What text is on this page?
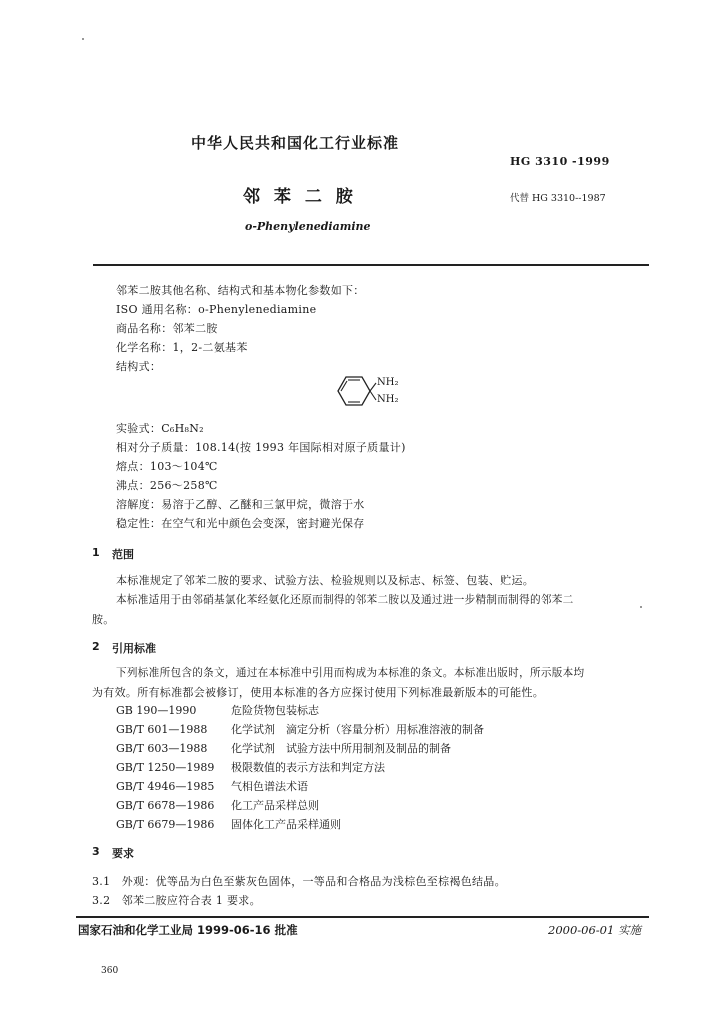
中华人民共和国化工行业标准
HG 3310 -1999
邻 苯 二 胺	代替 HG 3310--1987
o-Phenylenediamine
邻苯二胺其他名称、结构式和基本物化参数如下：
ISO 通用名称：o-Phenylenediamine
商品名称：邻苯二胺
化学名称：1，2-二氨基苯
结构式：
NH₂
NH₂
实验式：C₆H₈N₂
相对分子质量：108.14(按 1993 年国际相对原子质量计)
熔点：103～104℃
沸点：256～258℃
溶解度：易溶于乙醇、乙醚和三氯甲烷，微溶于水
稳定性：在空气和光中颜色会变深，密封避光保存
1 范围
本标准规定了邻苯二胺的要求、试验方法、检验规则以及标志、标签、包装、贮运。
本标准适用于由邻硝基氯化苯经氨化还原而制得的邻苯二胺以及通过进一步精制而制得的邻苯二
胺。
2 引用标准
下列标准所包含的条文，通过在本标准中引用而构成为本标准的条文。本标准出版时，所示版本均
为有效。所有标准都会被修订，使用本标准的各方应探讨使用下列标准最新版本的可能性。
GB 190—1990	危险货物包装标志
GB/T 601—1988 化学试剂　滴定分析（容量分析）用标准溶液的制备
GB/T 603—1988 化学试剂　试验方法中所用制剂及制品的制备
GB/T 1250—1989 极限数值的表示方法和判定方法
GB/T 4946—1985 气相色谱法术语
GB/T 6678—1986 化工产品采样总则
GB/T 6679—1986 固体化工产品采样通则
3 要求
3.1　外观：优等品为白色至紫灰色固体，一等品和合格品为浅棕色至棕褐色结晶。
3.2　邻苯二胺应符合表 1 要求。
国家石油和化学工业局 1999-06-16 批准	2000-06-01 实施
360
